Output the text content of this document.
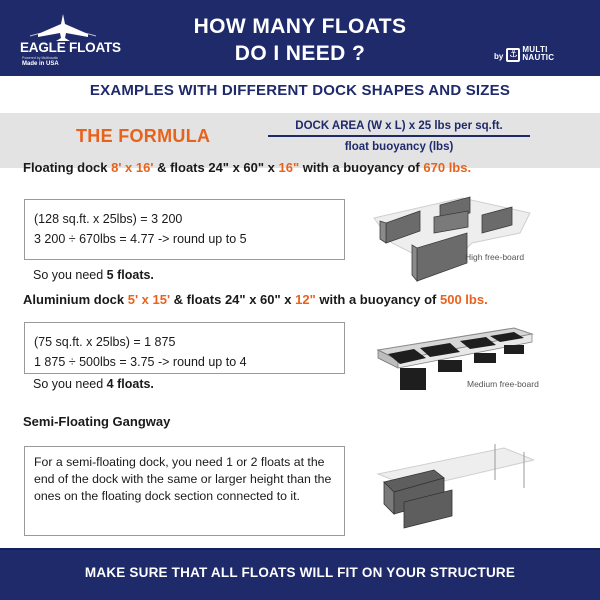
EAGLE FLOATS
Powered by Multinautic
Made in USA
HOW MANY FLOATS
DO I NEED ?	by ⚓ MULTI
NAUTIC
EXAMPLES WITH DIFFERENT DOCK SHAPES AND SIZES
THE FORMULA	DOCK AREA (W x L) x 25 lbs per sq.ft.
float buoyancy (lbs)
Floating dock 8' x 16' & floats 24" x 60" x 16" with a buoyancy of 670 lbs.
(128 sq.ft. x 25lbs) = 3 200
3 200 ÷ 670lbs = 4.77 -> round up to 5
So you need 5 floats.
High free-board
Aluminium dock 5' x 15' & floats 24" x 60" x 12" with a buoyancy of 500 lbs.
(75 sq.ft. x 25lbs) = 1 875
1 875 ÷ 500lbs = 3.75 -> round up to 4
So you need 4 floats.	Medium free-board
Semi-Floating Gangway
For a semi-floating dock, you need 1 or 2 floats at the end of the dock with the same or larger height than the ones on the floating dock section connected to it.
MAKE SURE THAT ALL FLOATS WILL FIT ON YOUR STRUCTURE
